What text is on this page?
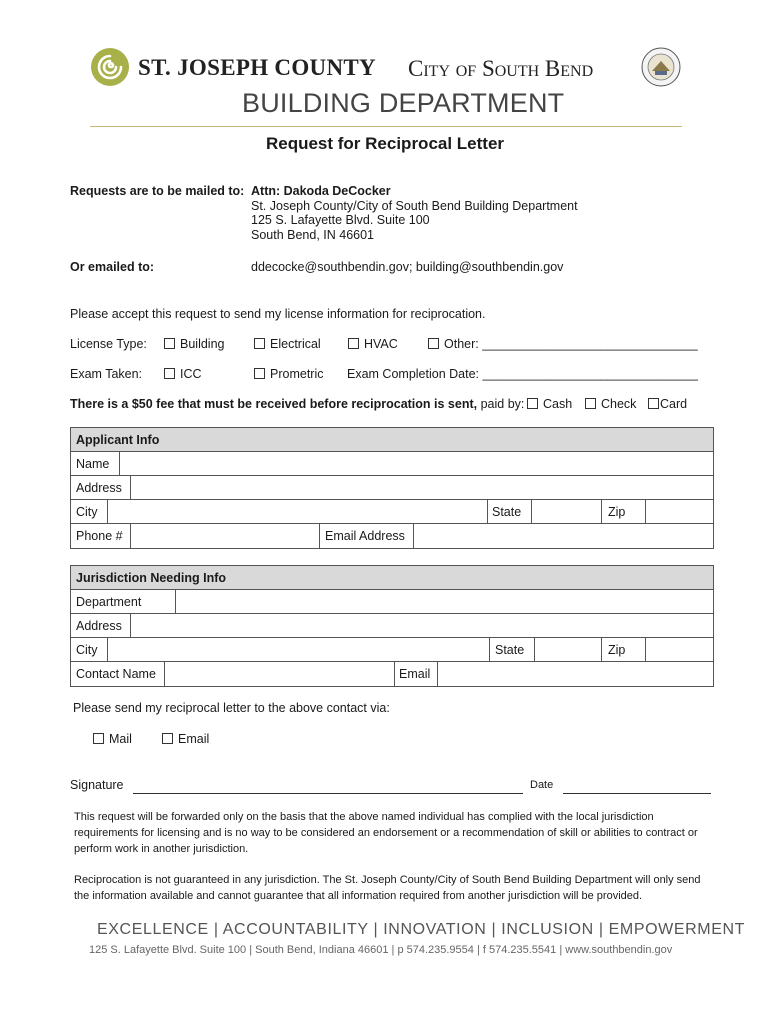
ST. JOSEPH COUNTY City of South Bend
BUILDING DEPARTMENT
Request for Reciprocal Letter
Requests are to be mailed to: Attn: Dakoda DeCocker
St. Joseph County/City of South Bend Building Department
125 S. Lafayette Blvd. Suite 100
South Bend, IN 46601
Or emailed to:	ddecocke@southbendin.gov; building@southbendin.gov
Please accept this request to send my license information for reciprocation.
License Type:	Building	Electrical	HVAC	Other: _______________________________
Exam Taken:	ICC	Prometric Exam Completion Date: _______________________________
There is a $50 fee that must be received before reciprocation is sent, paid by:	Cash	Check	Card
Applicant Info
Name
Address
City	State	Zip
Phone #	Email Address
Jurisdiction Needing Info
Department
Address
City	State	Zip
Contact Name	Email
Please send my reciprocal letter to the above contact via:
Mail	Email
Signature	Date
This request will be forwarded only on the basis that the above named individual has complied with the local jurisdiction requirements for licensing and is no way to be considered an endorsement or a recommendation of skill or abilities to contract or perform work in another jurisdiction.
Reciprocation is not guaranteed in any jurisdiction. The St. Joseph County/City of South Bend Building Department will only send the information available and cannot guarantee that all information required from another jurisdiction will be provided.
EXCELLENCE | ACCOUNTABILITY | INNOVATION | INCLUSION | EMPOWERMENT
125 S. Lafayette Blvd. Suite 100 | South Bend, Indiana 46601 | p 574.235.9554 | f 574.235.5541 | www.southbendin.gov
